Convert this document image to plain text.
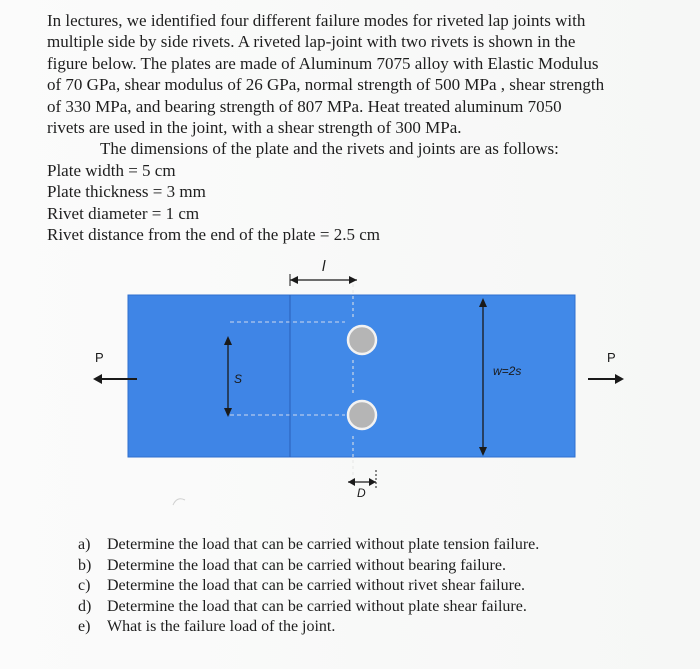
In lectures, we identified four different failure modes for riveted lap joints with
multiple side by side rivets. A riveted lap-joint with two rivets is shown in the
figure below. The plates are made of Aluminum 7075 alloy with Elastic Modulus
of 70 GPa, shear modulus of 26 GPa, normal strength of 500 MPa , shear strength
of 330 MPa, and bearing strength of 807 MPa. Heat treated aluminum 7050
rivets are used in the joint, with a shear strength of 300 MPa.
The dimensions of the plate and the rivets and joints are as follows:
Plate width = 5 cm
Plate thickness = 3 mm
Rivet diameter = 1 cm
Rivet distance from the end of the plate = 2.5 cm
l
P	P
S
w=2s
D
a) Determine the load that can be carried without plate tension failure.
b) Determine the load that can be carried without bearing failure.
c) Determine the load that can be carried without rivet shear failure.
d) Determine the load that can be carried without plate shear failure.
e) What is the failure load of the joint.
